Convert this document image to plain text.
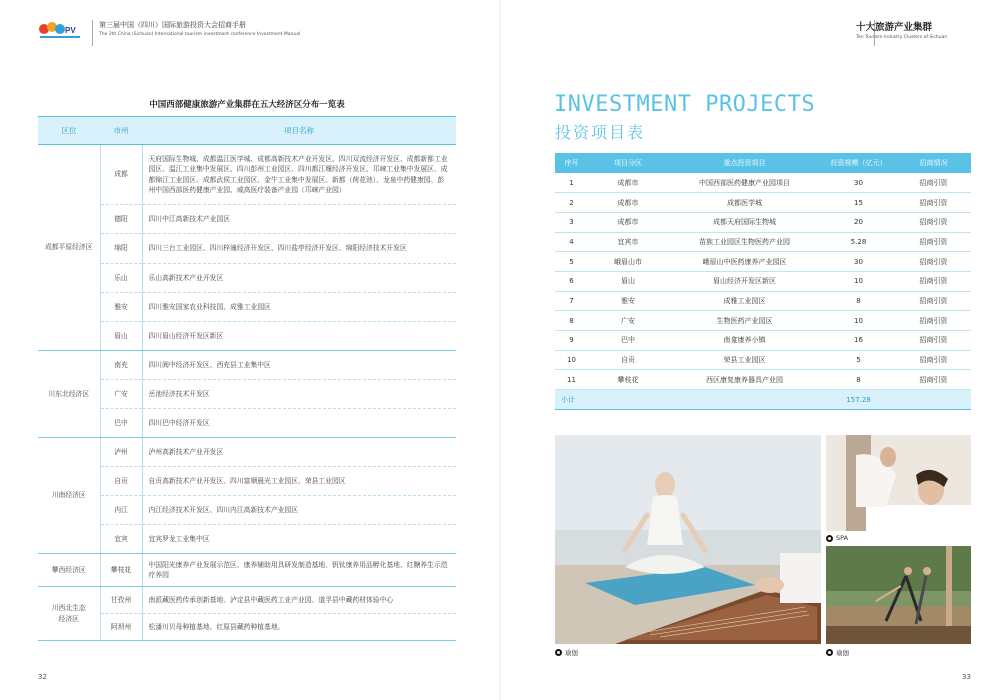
PV
第三届中国（四川）国际旅游投资大会招商手册
The 3th China (Sichuan) International tourism investment conference Investment Manual
十大旅游产业集群
Ten Tourism Industry Clusters of Sichuan
中国西部健康旅游产业集群在五大经济区分布一览表
区位	市州	项目名称
成都平原经济区	成都	天府国际生物城、成都温江医学城、成都高新技术产业开发区、四川双流经济开发区、成都新都工业园区、温江工业集中发展区、四川彭州工业园区、四川都江堰经济开发区、邛崃工业集中发展区、成都锦江工业园区、成都武侯工业园区、金牛工业集中发展区、新都（荷花池）、龙泉中药健康园、彭州中国西部医药健康产业园、威高医疗装备产业园（邛崃产业园）
	德阳	四川中江高新技术产业园区
	绵阳	四川三台工业园区、四川梓潼经济开发区、四川盐亭经济开发区、绵阳经济技术开发区
	乐山	乐山高新技术产业开发区
	雅安	四川雅安国家农业科技园、成雅工业园区
	眉山	四川眉山经济开发区新区
川东北经济区	南充	四川阆中经济开发区、西充县工业集中区
	广安	岳池经济技术开发区
	巴中	四川巴中经济开发区
川南经济区	泸州	泸州高新技术产业开发区
	自贡	自贡高新技术产业开发区、四川富顺晨光工业园区、荣县工业园区
	内江	内江经济技术开发区、四川内江高新技术产业园区
	宜宾	宜宾罗龙工业集中区
攀西经济区	攀枝花	中国阳光康养产业发展示范区、康养辅助用具研发制造基地、钒钛康养用品孵化基地、红糖养生示范疗养园
川西北生态经济区	甘孜州	南派藏医药传承创新基地、泸定县中藏医药工业产业园、道孚县中藏药材体验中心
	阿坝州	松潘川贝母种植基地、红原县藏药种植基地、
INVESTMENT PROJECTS
投资项目表
序号	项目分区	重点投资项目	投资规模（亿元）	招商情况
1	成都市	中国西部医药健康产业园项目	30	招商引资
2	成都市	成都医学城	15	招商引资
3	成都市	成都天府国际生物城	20	招商引资
4	宜宾市	苗族工业园区生物医药产业园	5.28	招商引资
5	峨眉山市	峨眉山中医药康养产业园区	30	招商引资
6	眉山	眉山经济开发区新区	10	招商引资
7	雅安	成雅工业园区	8	招商引资
8	广安	生物医药产业园区	10	招商引资
9	巴中	南龛康养小镇	16	招商引资
10	自贡	荣县工业园区	5	招商引资
11	攀枝花	西区康复康养器具产业园	8	招商引资
小计			157.28	
瑜伽
SPA
瑜伽
32	33
